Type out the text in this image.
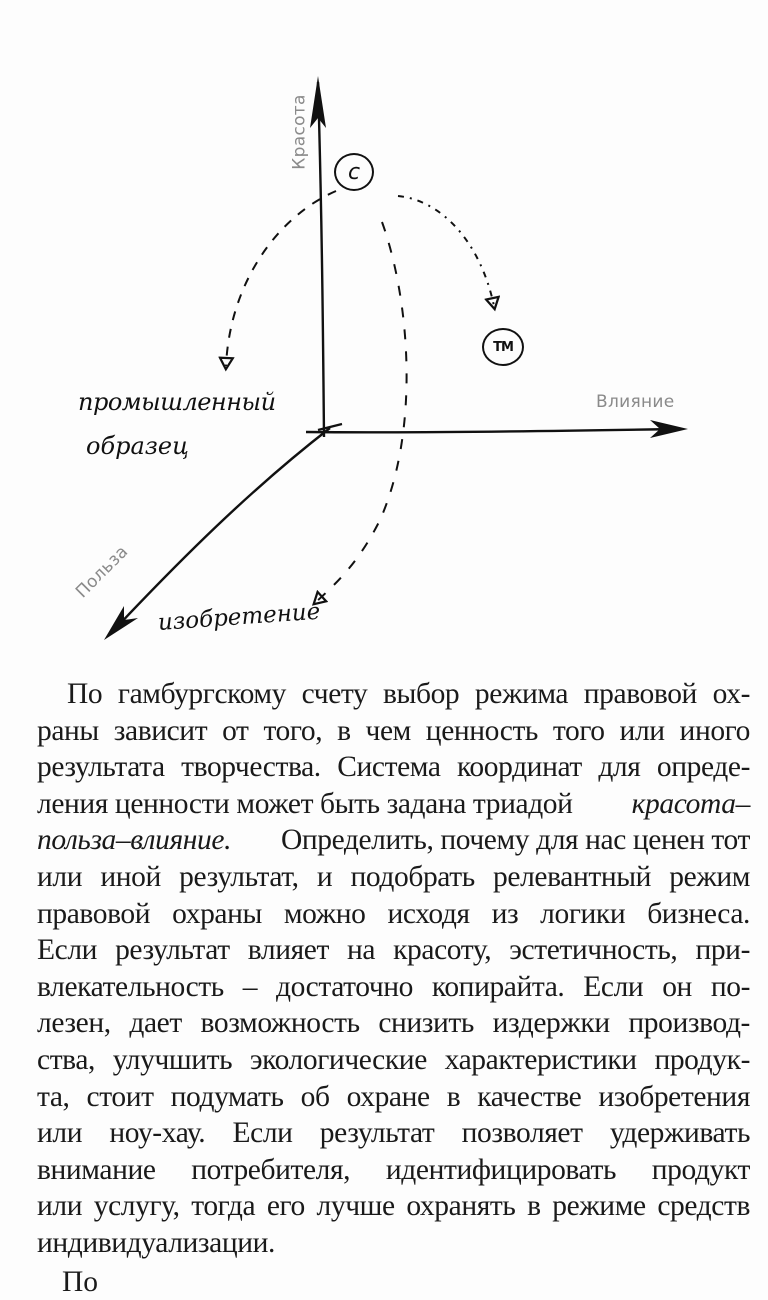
Красота
Влияние
Польза
c
TM
промышленный
образец
изобретение
По гамбургскому счету выбор режима правовой ох-
раны зависит от того, в чем ценность того или иного
результата творчества. Система координат для опреде-
ления ценности может быть задана триадой красота–
польза–влияние. Определить, почему для нас ценен тот
или иной результат, и подобрать релевантный режим
правовой охраны можно исходя из логики бизнеса.
Если результат влияет на красоту, эстетичность, при-
влекательность – достаточно копирайта. Если он по-
лезен, дает возможность снизить издержки производ-
ства, улучшить экологические характеристики продук-
та, стоит подумать об охране в качестве изобретения
или ноу-хау. Если результат позволяет удерживать
внимание потребителя, идентифицировать продукт
или услугу, тогда его лучше охранять в режиме средств
индивидуализации.
По
